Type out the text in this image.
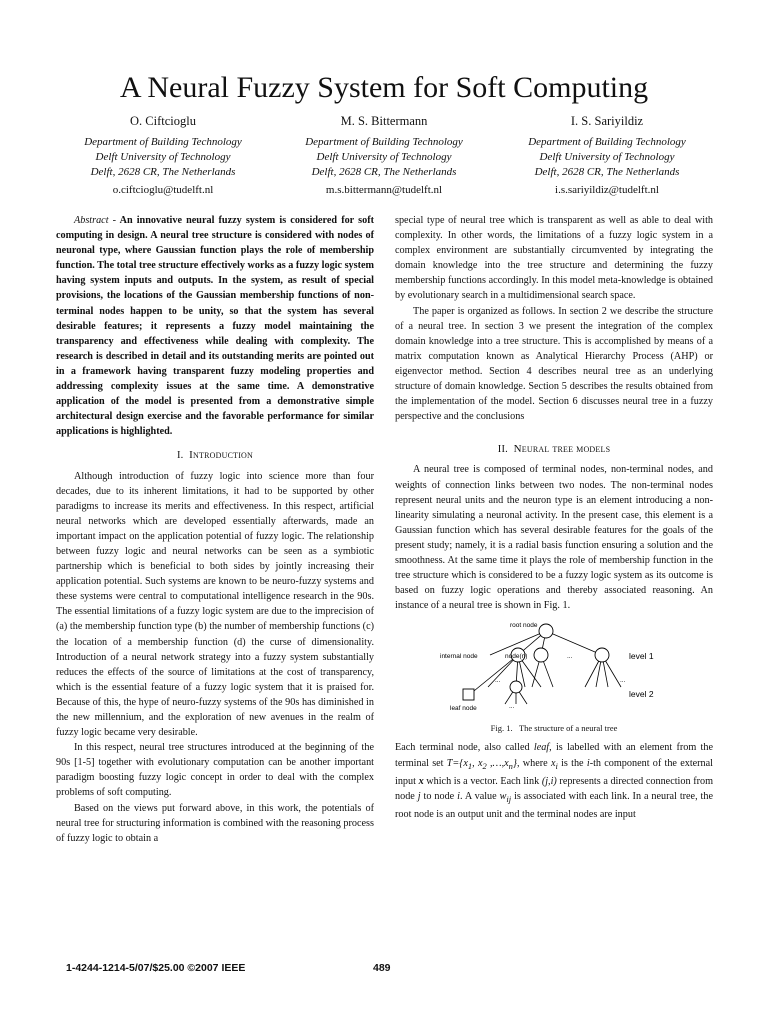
A Neural Fuzzy System for Soft Computing
O. Ciftcioglu
Department of Building Technology
Delft University of Technology
Delft, 2628 CR, The Netherlands
o.ciftcioglu@tudelft.nl
M. S. Bittermann
Department of Building Technology
Delft University of Technology
Delft, 2628 CR, The Netherlands
m.s.bittermann@tudelft.nl
I. S. Sariyildiz
Department of Building Technology
Delft University of Technology
Delft, 2628 CR, The Netherlands
i.s.sariyildiz@tudelft.nl

Abstract - An innovative neural fuzzy system is considered for soft computing in design. A neural tree structure is considered with nodes of neuronal type, where Gaussian function plays the role of membership function. The total tree structure effectively works as a fuzzy logic system having system inputs and outputs. In the system, as result of special provisions, the locations of the Gaussian membership functions of non-terminal nodes happen to be unity, so that the system has several desirable features; it represents a fuzzy model maintaining the transparency and effectiveness while dealing with complexity. The research is described in detail and its outstanding merits are pointed out in a framework having transparent fuzzy modeling properties and addressing complexity issues at the same time. A demonstrative application of the model is presented from a demonstrative simple architectural design exercise and the favorable performance for similar applications is highlighted.

I. Introduction

Although introduction of fuzzy logic into science more than four decades, due to its inherent limitations, it had to be supported by other paradigms to increase its merits and effectiveness. In this respect, artificial neural networks which are developed essentially afterwards, made an important impact on the application potential of fuzzy logic. The relationship between fuzzy logic and neural networks can be seen as a symbiotic partnership which is beneficial to both sides by jointly increasing their application potential. Such systems are known to be neuro-fuzzy systems and these systems were central to computational intelligence research in the 90s. The essential limitations of a fuzzy logic system are due to the imprecision of (a) the membership function type (b) the number of membership functions (c) the location of a membership function (d) the curse of dimensionality. Introduction of a neural network strategy into a fuzzy system substantially reduces the effects of the source of limitations at the cost of transparency, which is the essential feature of a fuzzy logic system that it is praised for. Because of this, the hype of neuro-fuzzy systems of the 90s has diminished in the new millennium, and the exploration of new avenues in the realm of fuzzy logic became very desirable.

In this respect, neural tree structures introduced at the beginning of the 90s [1-5] together with evolutionary computation can be another important paradigm boosting fuzzy logic concept in order to deal with the complex problems of soft computing.

Based on the views put forward above, in this work, the potentials of neural tree for structuring information is combined with the reasoning process of fuzzy logic to obtain a

special type of neural tree which is transparent as well as able to deal with complexity. In other words, the limitations of a fuzzy logic system in a complex environment are substantially circumvented by integrating the domain knowledge into the tree structure and determining the fuzzy membership functions accordingly. In this model meta-knowledge is obtained by evolutionary search in a multidimensional search space.

The paper is organized as follows. In section 2 we describe the structure of a neural tree. In section 3 we present the integration of the complex domain knowledge into a tree structure. This is accomplished by means of a matrix computation known as Analytical Hierarchy Process (AHP) or eigenvector method. Section 4 describes neural tree as an underlying structure of domain knowledge. Section 5 describes the results obtained from the implementation of the model. Section 6 discusses neural tree in a fuzzy perspective and the conclusions

II. Neural tree models

A neural tree is composed of terminal nodes, non-terminal nodes, and weights of connection links between two nodes. The non-terminal nodes represent neural units and the neuron type is an element introducing a non-linearity simulating a neuronal activity. In the present case, this element is a Gaussian function which has several desirable features for the goals of the present study; namely, it is a radial basis function ensuring a solution and the smoothness. At the same time it plays the role of membership function in the tree structure which is considered to be a fuzzy logic system as its outcome is based on fuzzy logic operations and thereby associated reasoning. An instance of a neural tree is shown in Fig. 1.

root node
internal node	node(n)
leaf node
...
...	...
...
level 1
level 2
Fig. 1. The structure of a neural tree

Each terminal node, also called leaf, is labelled with an element from the terminal set $T=\{x_1$, $x_2$ $,\dots,x_n$}, where $x_i$ is the i-th component of the external input x which is a vector. Each link (j,i) represents a directed connection from node j to node i. A value $w_{ij}$ is associated with each link. In a neural tree, the root node is an output unit and the terminal nodes are input

1-4244-1214-5/07/$25.00 ©2007 IEEE	489
